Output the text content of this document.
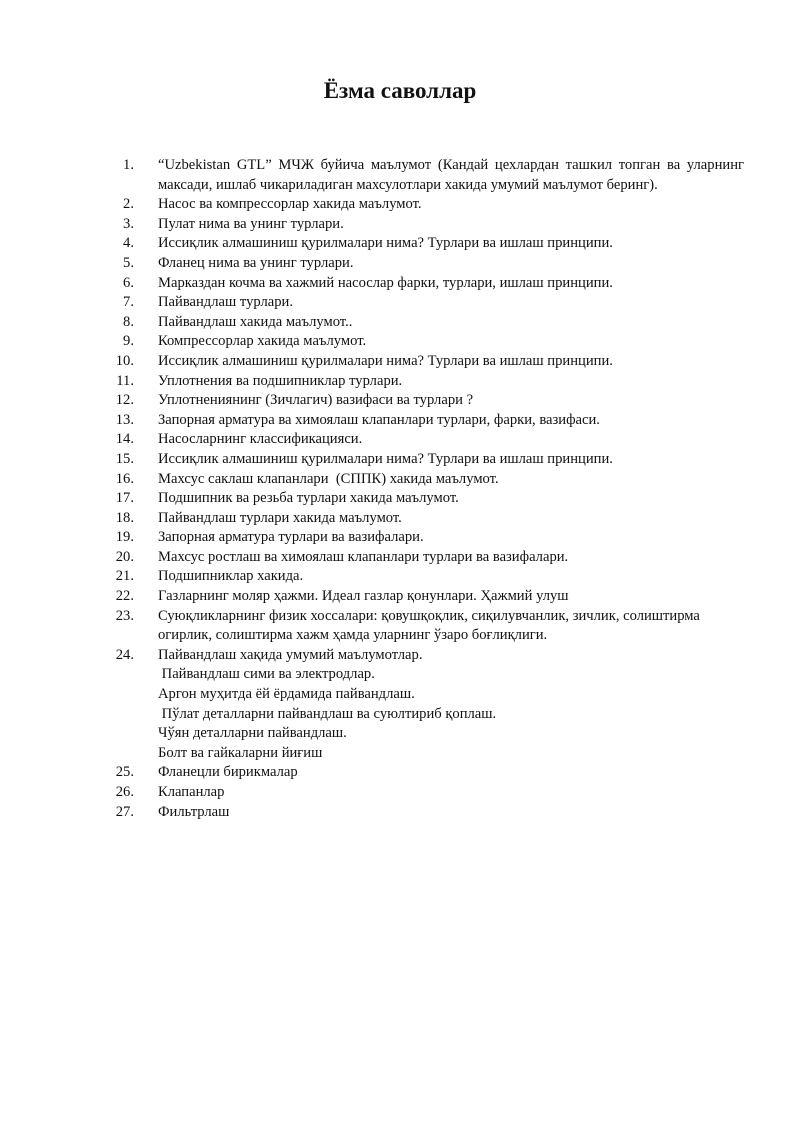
Ёзма саволлар
1. “Uzbekistan GTL” МЧЖ буйича маълумот (Кандай цехлардан ташкил топган ва уларнинг максади, ишлаб чикариладиган махсулотлари хакида умумий маълумот беринг).
2. Насос ва компрессорлар хакида маълумот.
3. Пулат нима ва унинг турлари.
4. Иссиқлик алмашиниш қурилмалари нима? Турлари ва ишлаш принципи.
5. Фланец нима ва унинг турлари.
6. Марказдан кочма ва хажмий насослар фарки, турлари, ишлаш принципи.
7. Пайвандлаш турлари.
8. Пайвандлаш хакида маълумот..
9. Компрессорлар хакида маълумот.
10. Иссиқлик алмашиниш қурилмалари нима? Турлари ва ишлаш принципи.
11. Уплотнения ва подшипниклар турлари.
12. Уплотнениянинг (Зичлагич) вазифаси ва турлари ?
13. Запорная арматура ва химоялаш клапанлари турлари, фарки, вазифаси.
14. Насосларнинг классификацияси.
15. Иссиқлик алмашиниш қурилмалари нима? Турлари ва ишлаш принципи.
16. Махсус саклаш клапанлари  (СППК) хакида маълумот.
17. Подшипник ва резьба турлари хакида маълумот.
18. Пайвандлаш турлари хакида маълумот.
19. Запорная арматура турлари ва вазифалари.
20. Махсус ростлаш ва химоялаш клапанлари турлари ва вазифалари.
21. Подшипниклар хакида.
22. Газларнинг моляр ҳажми. Идеал газлар қонунлари. Ҳажмий улуш
23. Суюқликларнинг физик хоссалари: қовушқоқлик, сиқилувчанлик, зичлик, солиштирма огирлик, солиштирма хажм ҳамда уларнинг ўзаро боғлиқлиги.
24. Пайвандлаш хақида умумий маълумотлар.
Пайвандлаш сими ва электродлар.
Аргон муҳитда ёй ёрдамида пайвандлаш.
Пўлат деталларни пайвандлаш ва суюлтириб қоплаш.
Чўян деталларни пайвандлаш.
Болт ва гайкаларни йиғиш
25. Фланецли бирикмалар
26. Клапанлар
27. Фильтрлаш
